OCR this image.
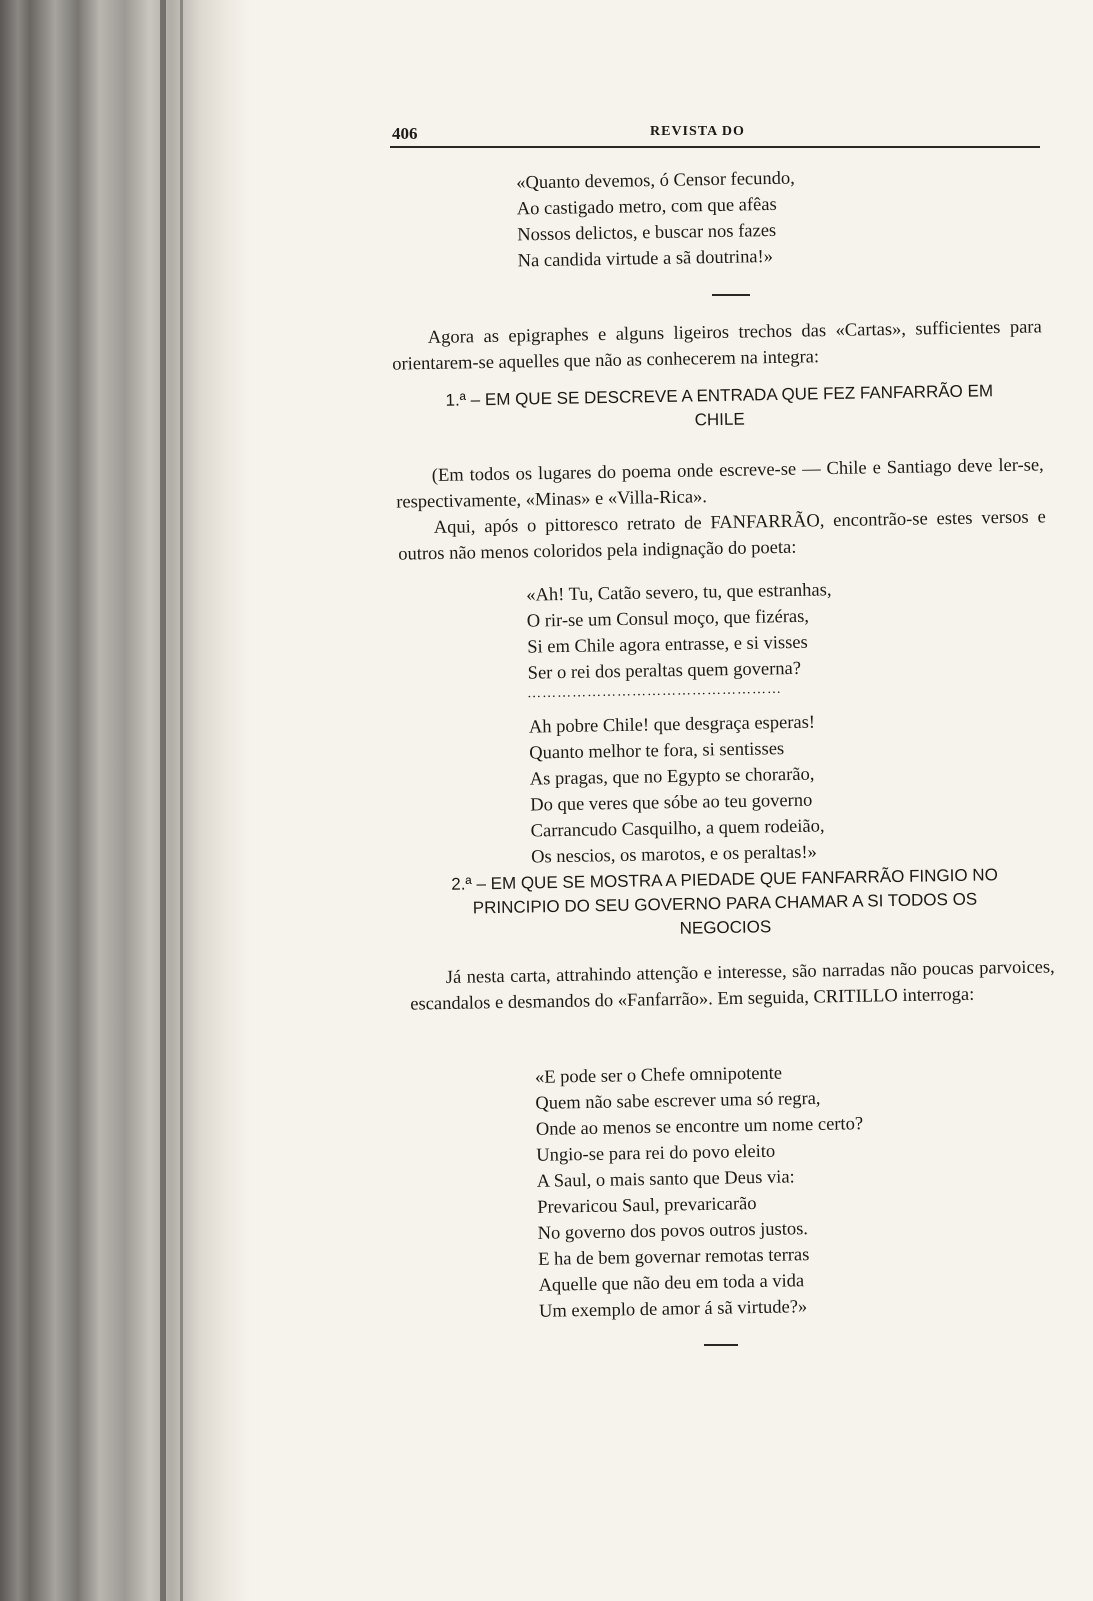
406	REVISTA DO
«Quanto devemos, ó Censor fecundo,
Ao castigado metro, com que afêas
Nossos delictos, e buscar nos fazes
Na candida virtude a sã doutrina!»
Agora as epigraphes e alguns ligeiros trechos das «Cartas», sufficientes para orientarem-se aquelles que não as conhecerem na integra:
1.ª – EM QUE SE DESCREVE A ENTRADA QUE FEZ FANFARRÃO EM
CHILE
(Em todos os lugares do poema onde escreve-se — Chile e Santiago deve ler-se, respectivamente, «Minas» e «Villa-Rica».
Aqui, após o pittoresco retrato de FANFARRÃO, encontrão-se estes versos e outros não menos coloridos pela indignação do poeta:
«Ah! Tu, Catão severo, tu, que estranhas,
O rir-se um Consul moço, que fizéras,
Si em Chile agora entrasse, e si visses
Ser o rei dos peraltas quem governa?
……………………………………………
Ah pobre Chile! que desgraça esperas!
Quanto melhor te fora, si sentisses
As pragas, que no Egypto se chorarão,
Do que veres que sóbe ao teu governo
Carrancudo Casquilho, a quem rodeião,
Os nescios, os marotos, e os peraltas!»
2.ª – EM QUE SE MOSTRA A PIEDADE QUE FANFARRÃO FINGIO NO
PRINCIPIO DO SEU GOVERNO PARA CHAMAR A SI TODOS OS
NEGOCIOS
Já nesta carta, attrahindo attenção e interesse, são narradas não poucas parvoices, escandalos e desmandos do «Fanfarrão». Em seguida, CRITILLO interroga:
«E pode ser o Chefe omnipotente
Quem não sabe escrever uma só regra,
Onde ao menos se encontre um nome certo?
Ungio-se para rei do povo eleito
A Saul, o mais santo que Deus via:
Prevaricou Saul, prevaricarão
No governo dos povos outros justos.
E ha de bem governar remotas terras
Aquelle que não deu em toda a vida
Um exemplo de amor á sã virtude?»
